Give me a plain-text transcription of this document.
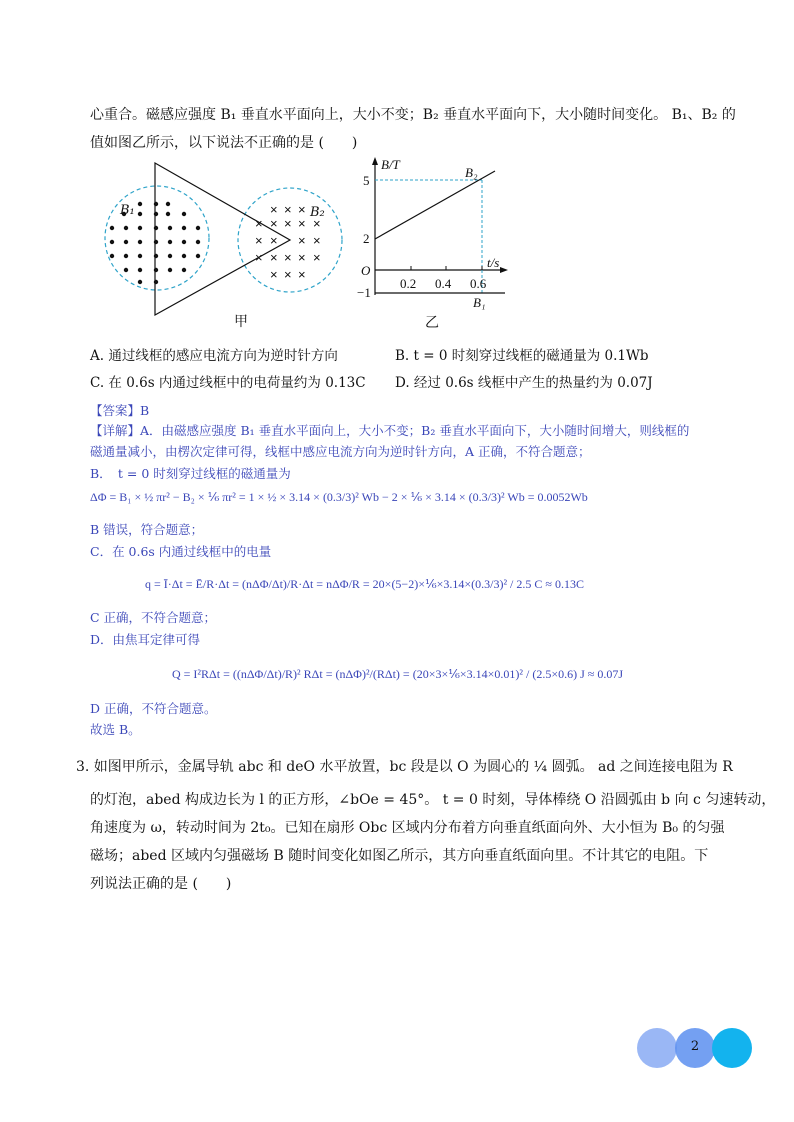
心重合。磁感应强度 B₁ 垂直水平面向上，大小不变；B₂ 垂直水平面向下，大小随时间变化。 B₁、B₂ 的
值如图乙所示，以下说法不正确的是 (　　)
× × ×
× × × × ×
× × × ×
× × × × ×
× × ×
B₁	B₂
甲
B/T
t/s
O
5
2
−1
0.2 0.4 0.6
B₂
B₁
乙
A. 通过线框的感应电流方向为逆时针方向	B. t = 0 时刻穿过线框的磁通量为 0.1Wb
C. 在 0.6s 内通过线框中的电荷量约为 0.13C D. 经过 0.6s 线框中产生的热量约为 0.07J
【答案】B
【详解】A．由磁感应强度 B₁ 垂直水平面向上，大小不变；B₂ 垂直水平面向下，大小随时间增大，则线框的
磁通量减小，由楞次定律可得，线框中感应电流方向为逆时针方向，A 正确，不符合题意；
B．　t = 0 时刻穿过线框的磁通量为
ΔΦ = B₁ × ½ πr² − B₂ × ⅙ πr² = 1 × ½ × 3.14 × (0.3/3)² Wb − 2 × ⅙ × 3.14 × (0.3/3)² Wb = 0.0052Wb
B 错误，符合题意；
C．在 0.6s 内通过线框中的电量
q = Ī·Δt = Ē/R·Δt = (nΔΦ/Δt)/R·Δt = nΔΦ/R = 20×(5−2)×⅙×3.14×(0.3/3)² / 2.5 C ≈ 0.13C
C 正确，不符合题意；
D．由焦耳定律可得
Q = I²RΔt = ((nΔΦ/Δt)/R)² RΔt = (nΔΦ)²/(RΔt) = (20×3×⅙×3.14×0.01)² / (2.5×0.6) J ≈ 0.07J
D 正确，不符合题意。
故选 B。
3. 如图甲所示，金属导轨 abc 和 deO 水平放置，bc 段是以 O 为圆心的 ¼ 圆弧。 ad 之间连接电阻为 R
的灯泡，abed 构成边长为 l 的正方形，∠bOe = 45°。 t = 0 时刻，导体棒绕 O 沿圆弧由 b 向 c 匀速转动，
角速度为 ω，转动时间为 2t₀。已知在扇形 Obc 区域内分布着方向垂直纸面向外、大小恒为 B₀ 的匀强
磁场；abed 区域内匀强磁场 B 随时间变化如图乙所示，其方向垂直纸面向里。不计其它的电阻。下
列说法正确的是 (　　)
2
